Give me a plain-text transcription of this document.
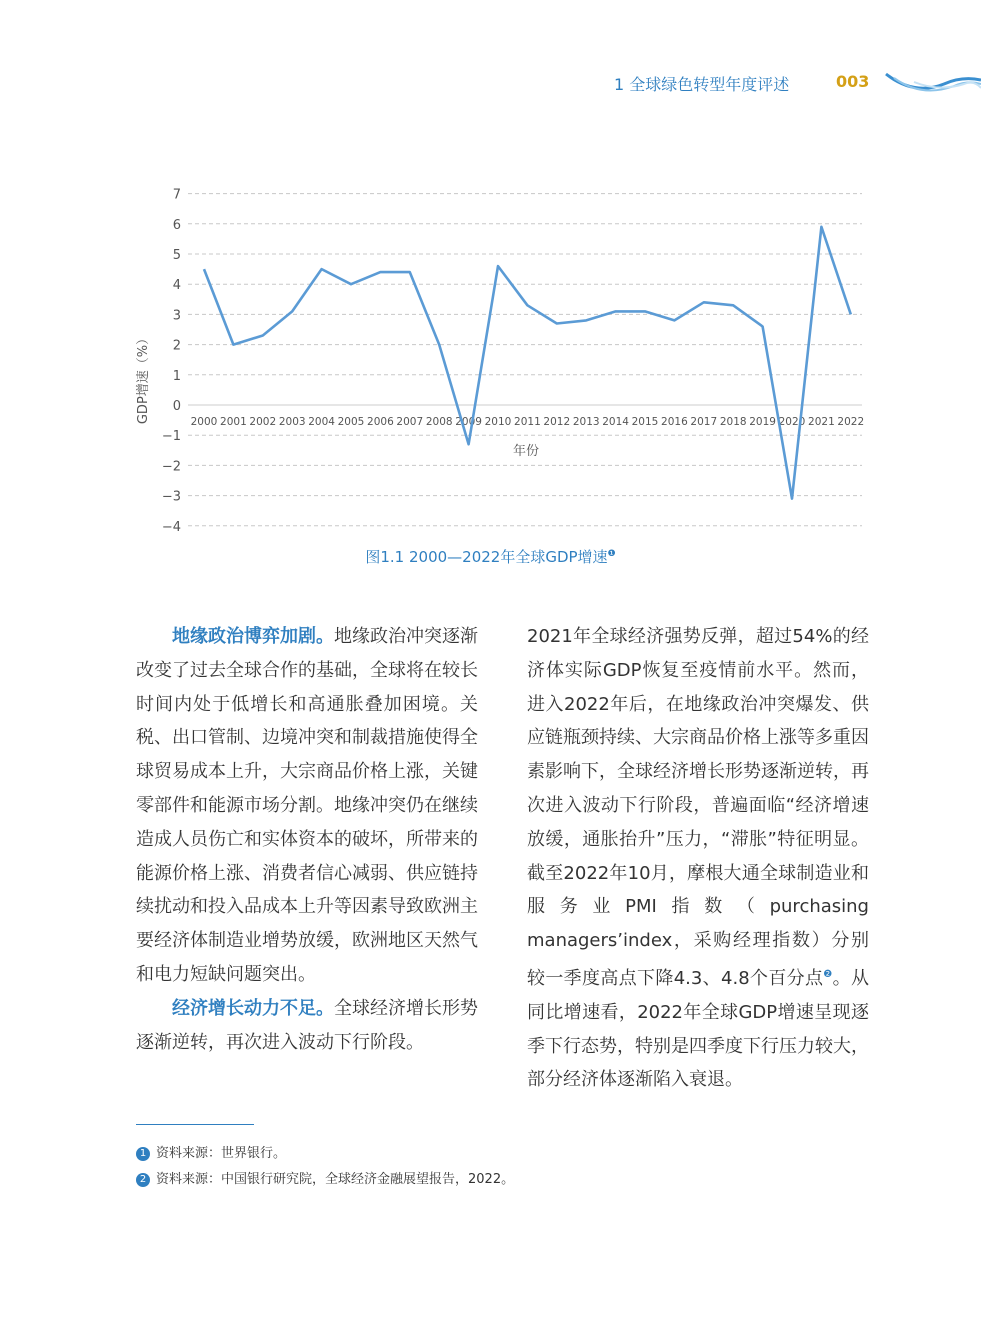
1 全球绿色转型年度评述	003
7
6
5
4
3
2
1
0
−1
−2
−3
−4
2000 2001 2002 2003 2004 2005 2006 2007 2008 2009 2010 2011 2012 2013 2014 2015 2016 2017 2018 2019 2020 2021 2022
GDP增速（%）
年份
图1.1 2000—2022年全球GDP增速$^❶$

地缘政治博弈加剧。地缘政治冲突逐渐改变了过去全球合作的基础，全球将在较长时间内处于低增长和高通胀叠加困境。关税、出口管制、边境冲突和制裁措施使得全球贸易成本上升，大宗商品价格上涨，关键零部件和能源市场分割。地缘冲突仍在继续造成人员伤亡和实体资本的破坏，所带来的能源价格上涨、消费者信心减弱、供应链持续扰动和投入品成本上升等因素导致欧洲主要经济体制造业增势放缓，欧洲地区天然气和电力短缺问题突出。

经济增长动力不足。全球经济增长形势逐渐逆转，再次进入波动下行阶段。

2021年全球经济强势反弹，超过54%的经济体实际GDP恢复至疫情前水平。然而，进入2022年后，在地缘政治冲突爆发、供应链瓶颈持续、大宗商品价格上涨等多重因素影响下，全球经济增长形势逐渐逆转，再次进入波动下行阶段，普遍面临“经济增速放缓，通胀抬升”压力，“滞胀”特征明显。截至2022年10月，摩根大通全球制造业和服务业PMI指数（purchasing managers’index，采购经理指数）分别较一季度高点下降4.3、4.8个百分点$^❷$。从同比增速看，2022年全球GDP增速呈现逐季下行态势，特别是四季度下行压力较大，部分经济体逐渐陷入衰退。

1 资料来源：世界银行。
2 资料来源：中国银行研究院，全球经济金融展望报告，2022。
